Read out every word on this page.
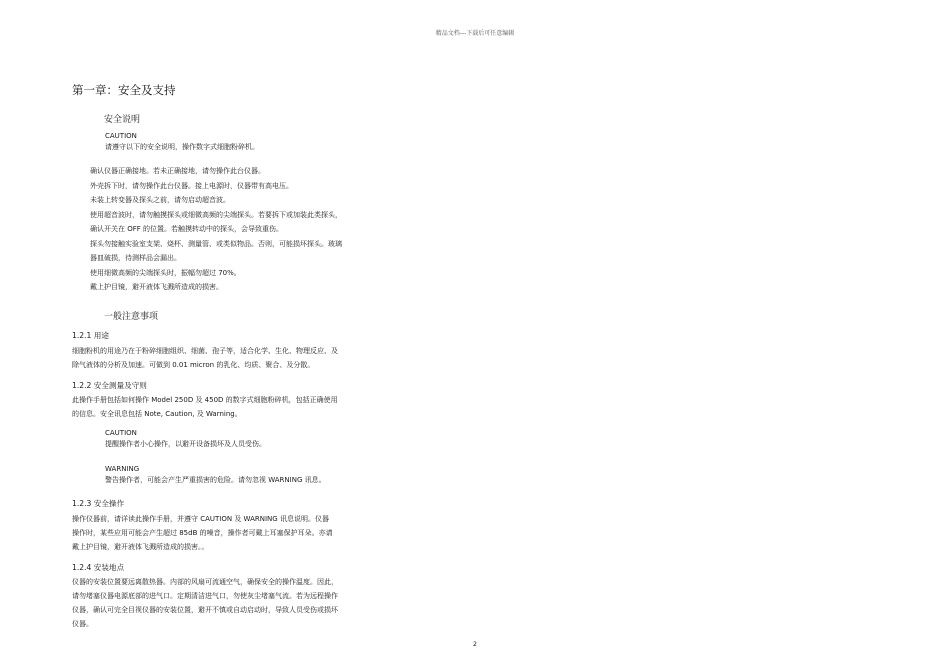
精品文档---下载后可任意编辑
第一章：安全及支持
安全说明
CAUTION
请遵守以下的安全说明，操作数字式细胞粉碎机。
确认仪器正确接地。若未正确接地，请勿操作此台仪器。
外壳拆下时，请勿操作此台仪器。接上电源时，仪器带有高电压。
未装上转变器及探头之前，请勿启动超音波。
使用超音波时，请勿触摸探头或细微高频的尖端探头。若要拆下或加装此类探头，
确认开关在 OFF 的位置。若触摸转动中的探头，会导致重伤。
探头勿接触实验室支架、烧杯、测量管、或类似物品。否则，可能损坏探头。玻璃
器皿破损，待测样品会漏出。
使用细微高频的尖端探头时，振幅勿超过 70%。
戴上护目镜，避开液体飞溅所造成的损害。
一般注意事项
1.2.1 用途
细胞粉机的用途乃在于粉碎细胞组织、细菌、孢子等，适合化学、生化、物理反应、及
除气液体的分析及加速。可做到 0.01 micron 的乳化、均质、聚合、及分散。
1.2.2 安全测量及守则
此操作手册包括如何操作 Model 250D 及 450D 的数字式细胞粉碎机，包括正确使用
的信息。安全讯息包括 Note, Caution, 及 Warning。
CAUTION
提醒操作者小心操作，以避开设备损坏及人员受伤。
WARNING
警告操作者，可能会产生严重损害的危险。请勿忽视 WARNING 讯息。
1.2.3 安全操作
操作仪器前，请详读此操作手册，并遵守 CAUTION 及 WARNING 讯息说明。仪器
操作时，某些应用可能会产生超过 85dB 的噪音，操作者可戴上耳塞保护耳朵。亦请
戴上护目镜，避开液体飞溅所造成的损害。。
1.2.4 安装地点
仪器的安装位置要远离散热器。内部的风扇可流通空气，确保安全的操作温度。因此，
请勿堵塞仪器电源底部的进气口。定期清洁进气口，勿使灰尘堵塞气流。若为远程操作
仪器，确认可完全目视仪器的安装位置，避开不慎或自动启动时，导致人员受伤或损坏
仪器。
2
